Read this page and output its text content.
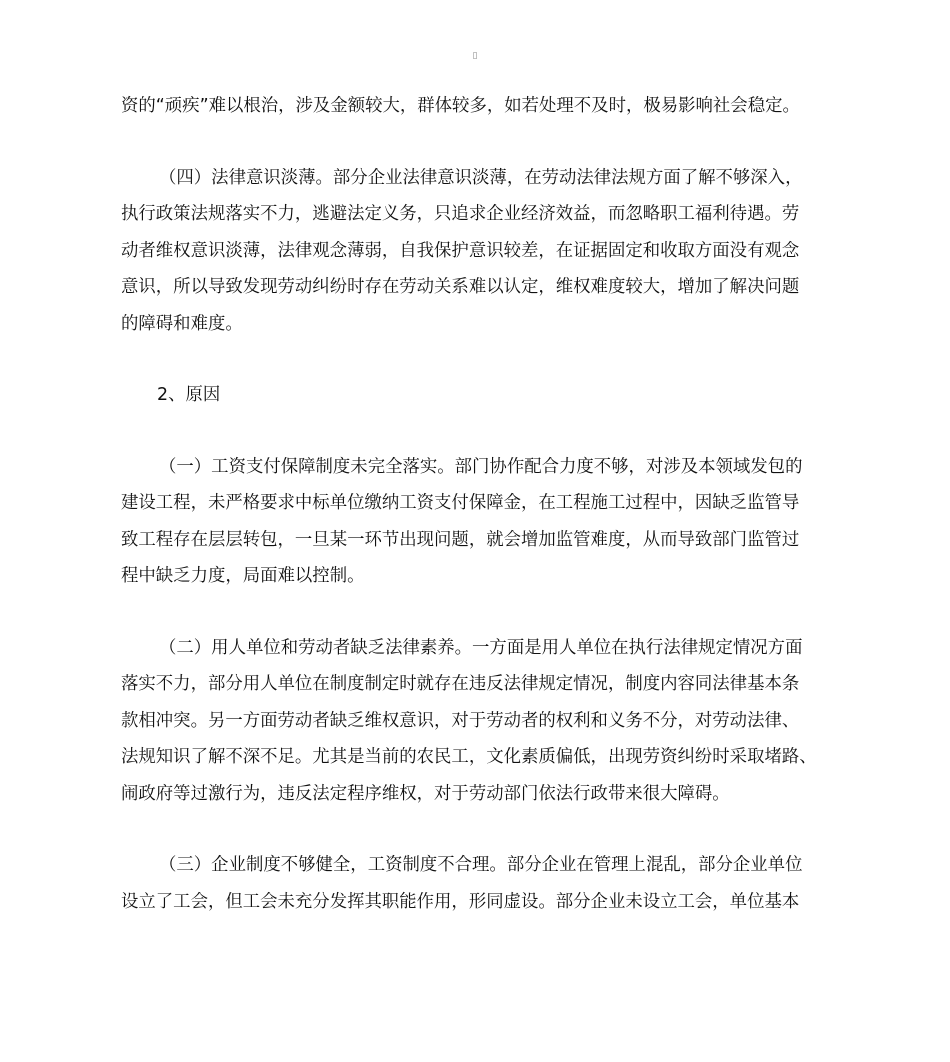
▯

资的“顽疾”难以根治，涉及金额较大，群体较多，如若处理不及时，极易影响社会稳定。

（四）法律意识淡薄。部分企业法律意识淡薄，在劳动法律法规方面了解不够深入，
执行政策法规落实不力，逃避法定义务，只追求企业经济效益，而忽略职工福利待遇。劳
动者维权意识淡薄，法律观念薄弱，自我保护意识较差，在证据固定和收取方面没有观念
意识，所以导致发现劳动纠纷时存在劳动关系难以认定，维权难度较大，增加了解决问题
的障碍和难度。

2、原因

（一）工资支付保障制度未完全落实。部门协作配合力度不够，对涉及本领域发包的
建设工程，未严格要求中标单位缴纳工资支付保障金，在工程施工过程中，因缺乏监管导
致工程存在层层转包，一旦某一环节出现问题，就会增加监管难度，从而导致部门监管过
程中缺乏力度，局面难以控制。

（二）用人单位和劳动者缺乏法律素养。一方面是用人单位在执行法律规定情况方面
落实不力，部分用人单位在制度制定时就存在违反法律规定情况，制度内容同法律基本条
款相冲突。另一方面劳动者缺乏维权意识，对于劳动者的权利和义务不分，对劳动法律、
法规知识了解不深不足。尤其是当前的农民工，文化素质偏低，出现劳资纠纷时采取堵路、
闹政府等过激行为，违反法定程序维权，对于劳动部门依法行政带来很大障碍。

（三）企业制度不够健全，工资制度不合理。部分企业在管理上混乱，部分企业单位
设立了工会，但工会未充分发挥其职能作用，形同虚设。部分企业未设立工会，单位基本
